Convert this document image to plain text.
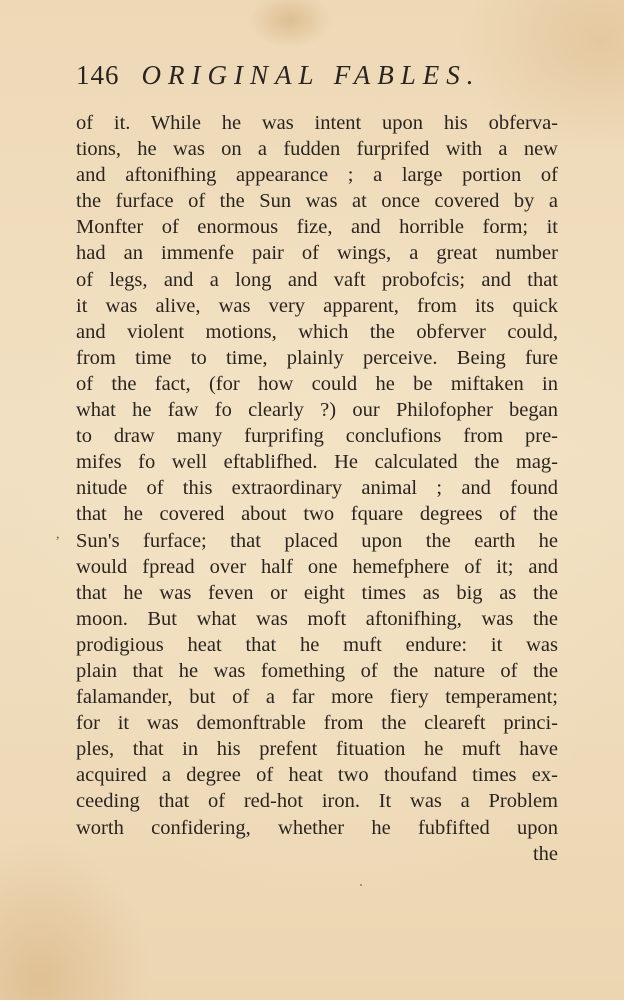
146 ORIGINAL FABLES.
,
of it. While he was intent upon his obferva-
tions, he was on a fudden furprifed with a new
and aftonifhing appearance ; a large portion of
the furface of the Sun was at once covered by a
Monfter of enormous fize, and horrible form; it
had an immenfe pair of wings, a great number
of legs, and a long and vaft probofcis; and that
it was alive, was very apparent, from its quick
and violent motions, which the obferver could,
from time to time, plainly perceive. Being fure
of the fact, (for how could he be miftaken in
what he faw fo clearly ?) our Philofopher began
to draw many furprifing conclufions from pre-
mifes fo well eftablifhed. He calculated the mag-
nitude of this extraordinary animal ; and found
that he covered about two fquare degrees of the
Sun's furface; that placed upon the earth he
would fpread over half one hemefphere of it; and
that he was feven or eight times as big as the
moon. But what was moft aftonifhing, was the
prodigious heat that he muft endure: it was
plain that he was fomething of the nature of the
falamander, but of a far more fiery temperament;
for it was demonftrable from the cleareft princi-
ples, that in his prefent fituation he muft have
acquired a degree of heat two thoufand times ex-
ceeding that of red-hot iron. It was a Problem
worth confidering, whether he fubfifted upon
the
